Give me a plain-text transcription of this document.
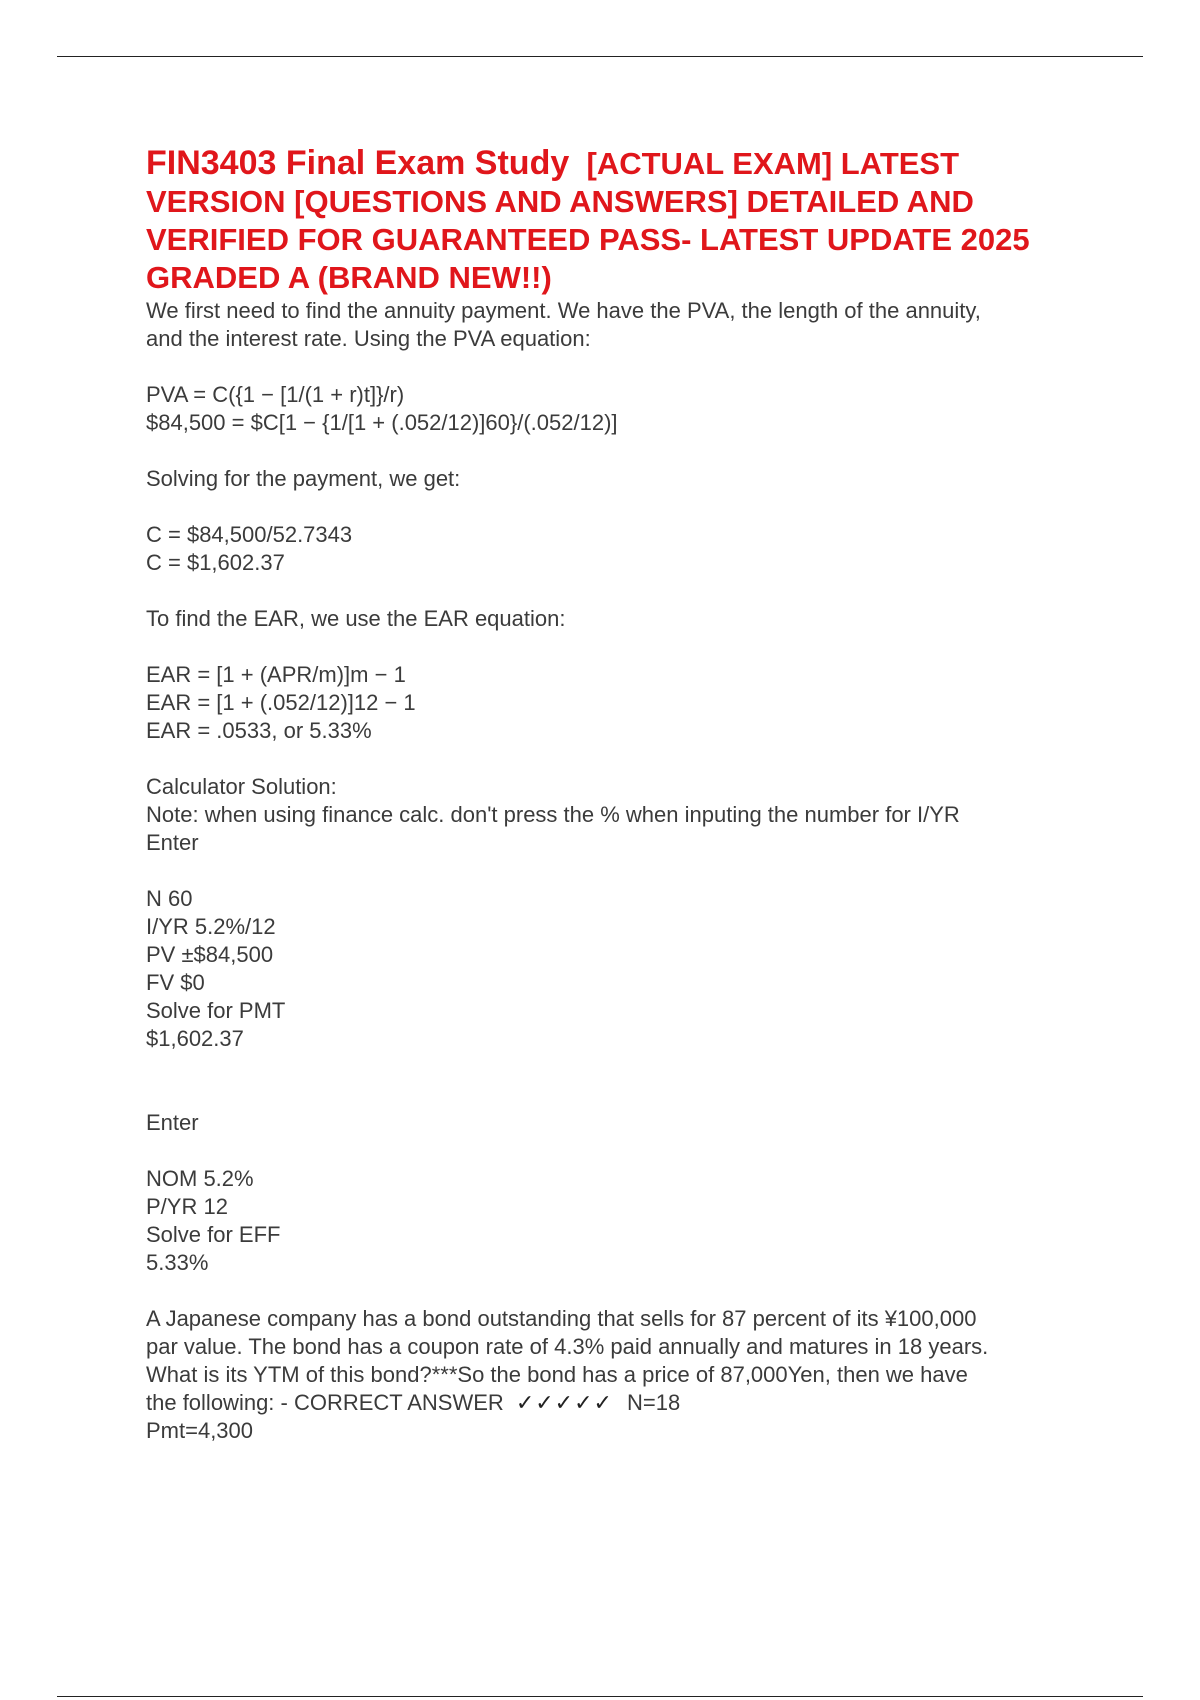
FIN3403 Final Exam Study [ACTUAL EXAM] LATEST VERSION [QUESTIONS AND ANSWERS] DETAILED AND VERIFIED FOR GUARANTEED PASS- LATEST UPDATE 2025 GRADED A (BRAND NEW!!)
We first need to find the annuity payment. We have the PVA, the length of the annuity,
and the interest rate. Using the PVA equation:
PVA = C({1 − [1/(1 + r)t]}/r)
$84,500 = $C[1 − {1/[1 + (.052/12)]60}/(.052/12)]
Solving for the payment, we get:
C = $84,500/52.7343
C = $1,602.37
To find the EAR, we use the EAR equation:
EAR = [1 + (APR/m)]m − 1
EAR = [1 + (.052/12)]12 − 1
EAR = .0533, or 5.33%
Calculator Solution:
Note: when using finance calc. don't press the % when inputing the number for I/YR
Enter
N 60
I/YR 5.2%/12
PV ±$84,500
FV $0
Solve for PMT
$1,602.37
Enter
NOM 5.2%
P/YR 12
Solve for EFF
5.33%
A Japanese company has a bond outstanding that sells for 87 percent of its ¥100,000
par value. The bond has a coupon rate of 4.3% paid annually and matures in 18 years.
What is its YTM of this bond?***So the bond has a price of 87,000Yen, then we have
the following: - CORRECT ANSWER ✓✓✓✓✓ N=18
Pmt=4,300
